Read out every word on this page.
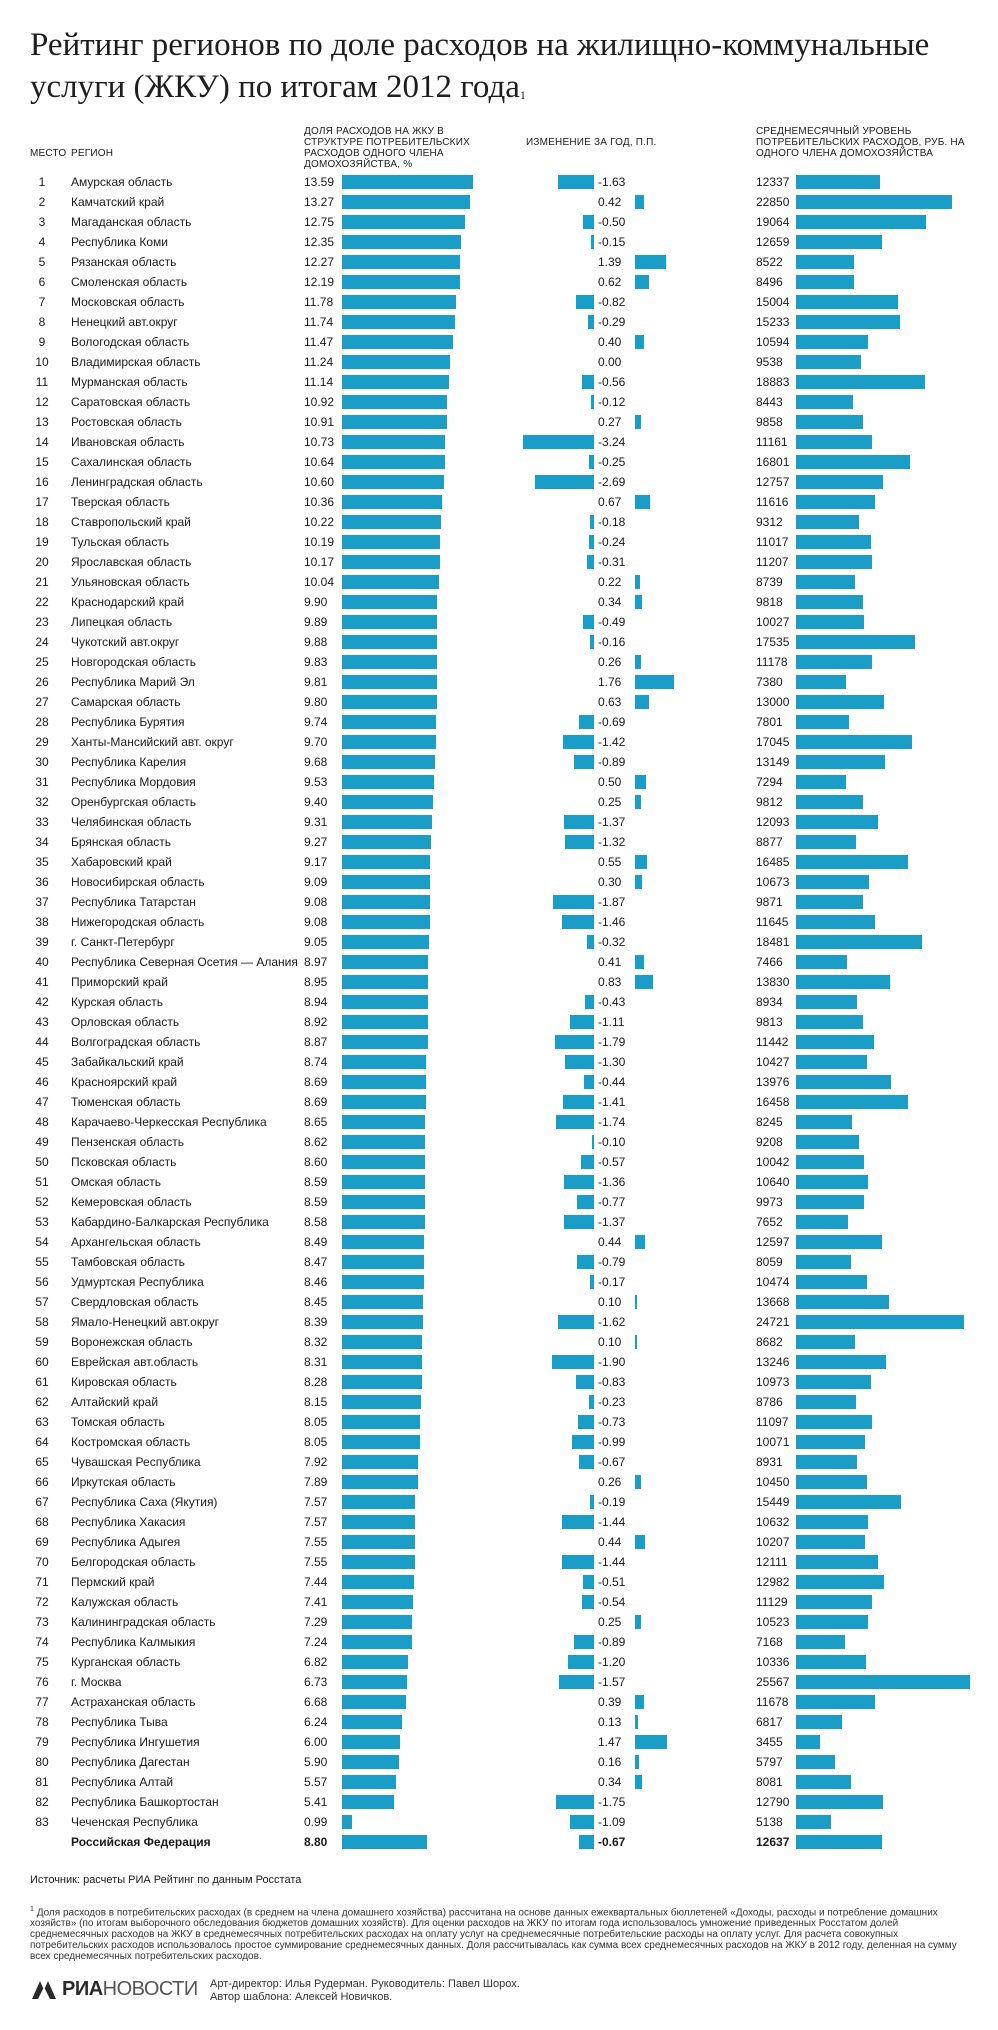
Рейтинг регионов по доле расходов на жилищно-коммунальные услуги (ЖКУ) по итогам 2012 года$^1$
МЕСТО РЕГИОН
ДОЛЯ РАСХОДОВ НА ЖКУ В СТРУКТУРЕ ПОТРЕБИТЕЛЬСКИХ РАСХОДОВ ОДНОГО ЧЛЕНА ДОМОХОЗЯЙСТВА, %
ИЗМЕНЕНИЕ ЗА ГОД, П.П.
СРЕДНЕМЕСЯЧНЫЙ УРОВЕНЬ ПОТРЕБИТЕЛЬСКИХ РАСХОДОВ, РУБ. НА ОДНОГО ЧЛЕНА ДОМОХОЗЯЙСТВА
1	Амурская область	13.59	-1.63	12337
2	Камчатский край	13.27	0.42	22850
3	Магаданская область	12.75	-0.50	19064
4	Республика Коми	12.35	-0.15	12659
5	Рязанская область	12.27	1.39	8522
6	Смоленская область	12.19	0.62	8496
7	Московская область	11.78	-0.82	15004
8	Ненецкий авт.округ	11.74	-0.29	15233
9	Вологодская область	11.47	0.40	10594
10	Владимирская область	11.24	0.00	9538
11	Мурманская область	11.14	-0.56	18883
12	Саратовская область	10.92	-0.12	8443
13	Ростовская область	10.91	0.27	9858
14	Ивановская область	10.73	-3.24	11161
15	Сахалинская область	10.64	-0.25	16801
16	Ленинградская область	10.60	-2.69	12757
17	Тверская область	10.36	0.67	11616
18	Ставропольский край	10.22	-0.18	9312
19	Тульская область	10.19	-0.24	11017
20	Ярославская область	10.17	-0.31	11207
21	Ульяновская область	10.04	0.22	8739
22	Краснодарский край	9.90	0.34	9818
23	Липецкая область	9.89	-0.49	10027
24	Чукотский авт.округ	9.88	-0.16	17535
25	Новгородская область	9.83	0.26	11178
26	Республика Марий Эл	9.81	1.76	7380
27	Самарская область	9.80	0.63	13000
28	Республика Бурятия	9.74	-0.69	7801
29	Ханты-Мансийский авт. округ	9.70	-1.42	17045
30	Республика Карелия	9.68	-0.89	13149
31	Республика Мордовия	9.53	0.50	7294
32	Оренбургская область	9.40	0.25	9812
33	Челябинская область	9.31	-1.37	12093
34	Брянская область	9.27	-1.32	8877
35	Хабаровский край	9.17	0.55	16485
36	Новосибирская область	9.09	0.30	10673
37	Республика Татарстан	9.08	-1.87	9871
38	Нижегородская область	9.08	-1.46	11645
39	г. Санкт-Петербург	9.05	-0.32	18481
40	Республика Северная Осетия — Алания 8.97	0.41	7466
41	Приморский край	8.95	0.83	13830
42	Курская область	8.94	-0.43	8934
43	Орловская область	8.92	-1.11	9813
44	Волгоградская область	8.87	-1.79	11442
45	Забайкальский край	8.74	-1.30	10427
46	Красноярский край	8.69	-0.44	13976
47	Тюменская область	8.69	-1.41	16458
48	Карачаево-Черкесская Республика	8.65	-1.74	8245
49	Пензенская область	8.62	-0.10	9208
50	Псковская область	8.60	-0.57	10042
51	Омская область	8.59	-1.36	10640
52	Кемеровская область	8.59	-0.77	9973
53	Кабардино-Балкарская Республика	8.58	-1.37	7652
54	Архангельская область	8.49	0.44	12597
55	Тамбовская область	8.47	-0.79	8059
56	Удмуртская Республика	8.46	-0.17	10474
57	Свердловская область	8.45	0.10	13668
58	Ямало-Ненецкий авт.округ	8.39	-1.62	24721
59	Воронежская область	8.32	0.10	8682
60	Еврейская авт.область	8.31	-1.90	13246
61	Кировская область	8.28	-0.83	10973
62	Алтайский край	8.15	-0.23	8786
63	Томская область	8.05	-0.73	11097
64	Костромская область	8.05	-0.99	10071
65	Чувашская Республика	7.92	-0.67	8931
66	Иркутская область	7.89	0.26	10450
67	Республика Саха (Якутия)	7.57	-0.19	15449
68	Республика Хакасия	7.57	-1.44	10632
69	Республика Адыгея	7.55	0.44	10207
70	Белгородская область	7.55	-1.44	12111
71	Пермский край	7.44	-0.51	12982
72	Калужская область	7.41	-0.54	11129
73	Калининградская область	7.29	0.25	10523
74	Республика Калмыкия	7.24	-0.89	7168
75	Курганская область	6.82	-1.20	10336
76	г. Москва	6.73	-1.57	25567
77	Астраханская область	6.68	0.39	11678
78	Республика Тыва	6.24	0.13	6817
79	Республика Ингушетия	6.00	1.47	3455
80	Республика Дагестан	5.90	0.16	5797
81	Республика Алтай	5.57	0.34	8081
82	Республика Башкортостан	5.41	-1.75	12790
83	Чеченская Республика	0.99	-1.09	5138
Российская Федерация	8.80	-0.67	12637
Источник: расчеты РИА Рейтинг по данным Росстата
$^1$ Доля расходов в потребительских расходах (в среднем на члена домашнего хозяйства) рассчитана на основе данных ежеквартальных бюллетеней «Доходы, расходы и потребление домашних хозяйств» (по итогам выборочного обследования бюджетов домашних хозяйств). Для оценки расходов на ЖКУ по итогам года использовалось умножение приведенных Росстатом долей среднемесячных расходов на ЖКУ в среднемесячных потребительских расходах на оплату услуг на среднемесячные потребительские расходы на оплату услуг. Для расчета совокупных потребительских расходов использовалось простое суммирование среднемесячных данных. Доля рассчитывалась как сумма всех среднемесячных расходов на ЖКУ в 2012 году, деленная на сумму всех среднемесячных потребительских расходов.
РИА НОВОСТИ Арт-директор: Илья Рудерман. Руководитель: Павел Шорох.
Автор шаблона: Алексей Новичков.
